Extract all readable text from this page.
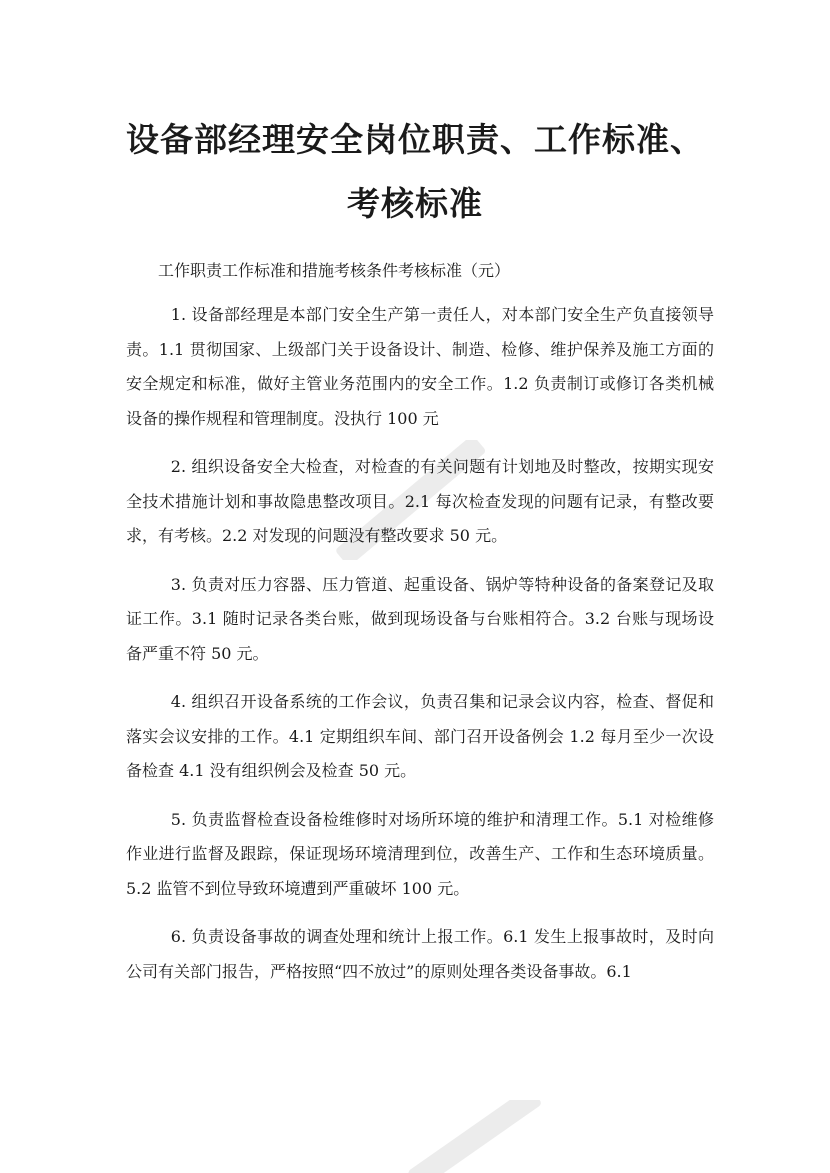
设备部经理安全岗位职责、工作标准、考核标准

工作职责工作标准和措施考核条件考核标准（元）

1. 设备部经理是本部门安全生产第一责任人，对本部门安全生产负直接领导责。1.1 贯彻国家、上级部门关于设备设计、制造、检修、维护保养及施工方面的安全规定和标准，做好主管业务范围内的安全工作。1.2 负责制订或修订各类机械设备的操作规程和管理制度。没执行 100 元

2. 组织设备安全大检查，对检查的有关问题有计划地及时整改，按期实现安全技术措施计划和事故隐患整改项目。2.1 每次检查发现的问题有记录，有整改要求，有考核。2.2 对发现的问题没有整改要求 50 元。

3. 负责对压力容器、压力管道、起重设备、锅炉等特种设备的备案登记及取证工作。3.1 随时记录各类台账，做到现场设备与台账相符合。3.2 台账与现场设备严重不符 50 元。

4. 组织召开设备系统的工作会议，负责召集和记录会议内容，检查、督促和落实会议安排的工作。4.1 定期组织车间、部门召开设备例会 1.2 每月至少一次设备检查 4.1 没有组织例会及检查 50 元。

5. 负责监督检查设备检维修时对场所环境的维护和清理工作。5.1 对检维修作业进行监督及跟踪，保证现场环境清理到位，改善生产、工作和生态环境质量。5.2 监管不到位导致环境遭到严重破坏 100 元。

6. 负责设备事故的调查处理和统计上报工作。6.1 发生上报事故时，及时向公司有关部门报告，严格按照“四不放过”的原则处理各类设备事故。6.1
